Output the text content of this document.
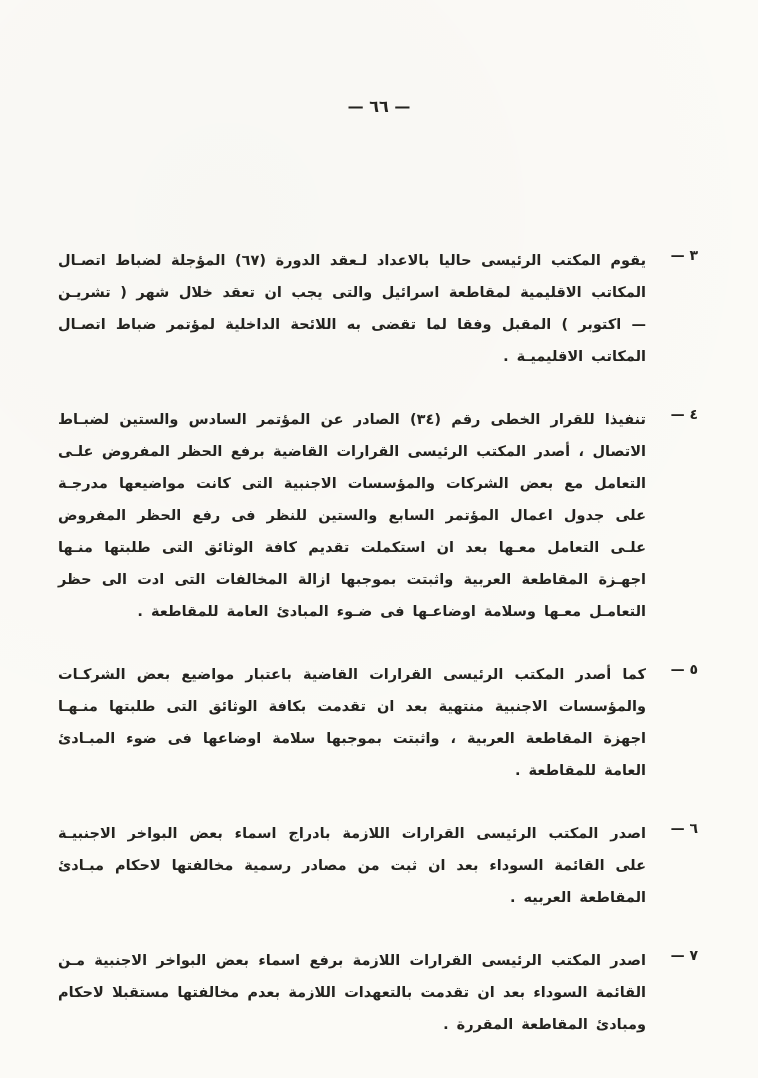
— ٦٦ —
٣ —
يقوم المكتب الرئيسى حاليا بالاعداد لـعقد الدورة (٦٧) المؤجلة لضباط اتصـال المكاتب الاقليمية لمقاطعة اسرائيل والتى يجب ان تعقد خلال شهر ( تشريـن — اكتوبر ) المقبل وفقا لما تقضى به اللائحة الداخلية لمؤتمر ضباط اتصـال المكاتب الاقليميـة .
٤ —
تنفيذا للقرار الخطى رقم (٣٤) الصادر عن المؤتمر السادس والستين لضبـاط الاتصال ، أصدر المكتب الرئيسى القرارات القاضية برفع الحظر المفروض علـى التعامل مع بعض الشركات والمؤسسات الاجنبية التى كانت مواضيعها مدرجـة على جدول اعمال المؤتمر السابع والستين للنظر فى رفع الحظر المفروض علـى التعامل معـها بعد ان استكملت تقديم كافة الوثائق التى طلبتها منـها اجهـزة المقاطعة العربية واثبتت بموجبها ازالة المخالفات التى ادت الى حظر التعامـل معـها وسلامة اوضاعـها فى ضـوء المبادئ العامة للمقاطعة .
٥ —
كما أصدر المكتب الرئيسى القرارات القاضية باعتبار مواضيع بعض الشركـات والمؤسسات الاجنبية منتهية بعد ان تقدمت بكافة الوثائق التى طلبتها منـهـا اجهزة المقاطعة العربية ، واثبتت بموجبها سلامة اوضاعها فى ضوء المبـادئ العامة للمقاطعة .
٦ —
اصدر المكتب الرئيسى القرارات اللازمة بادراج اسماء بعض البواخر الاجنبيـة على القائمة السوداء بعد ان ثبت من مصادر رسمية مخالفتها لاحكام مبـادئ المقاطعة العربيه .
٧ —
اصدر المكتب الرئيسى القرارات اللازمة برفع اسماء بعض البواخر الاجنبية مـن القائمة السوداء بعد ان تقدمت بالتعهدات اللازمة بعدم مخالفتها مستقبلا لاحكام ومبادئ المقاطعة المقررة .
